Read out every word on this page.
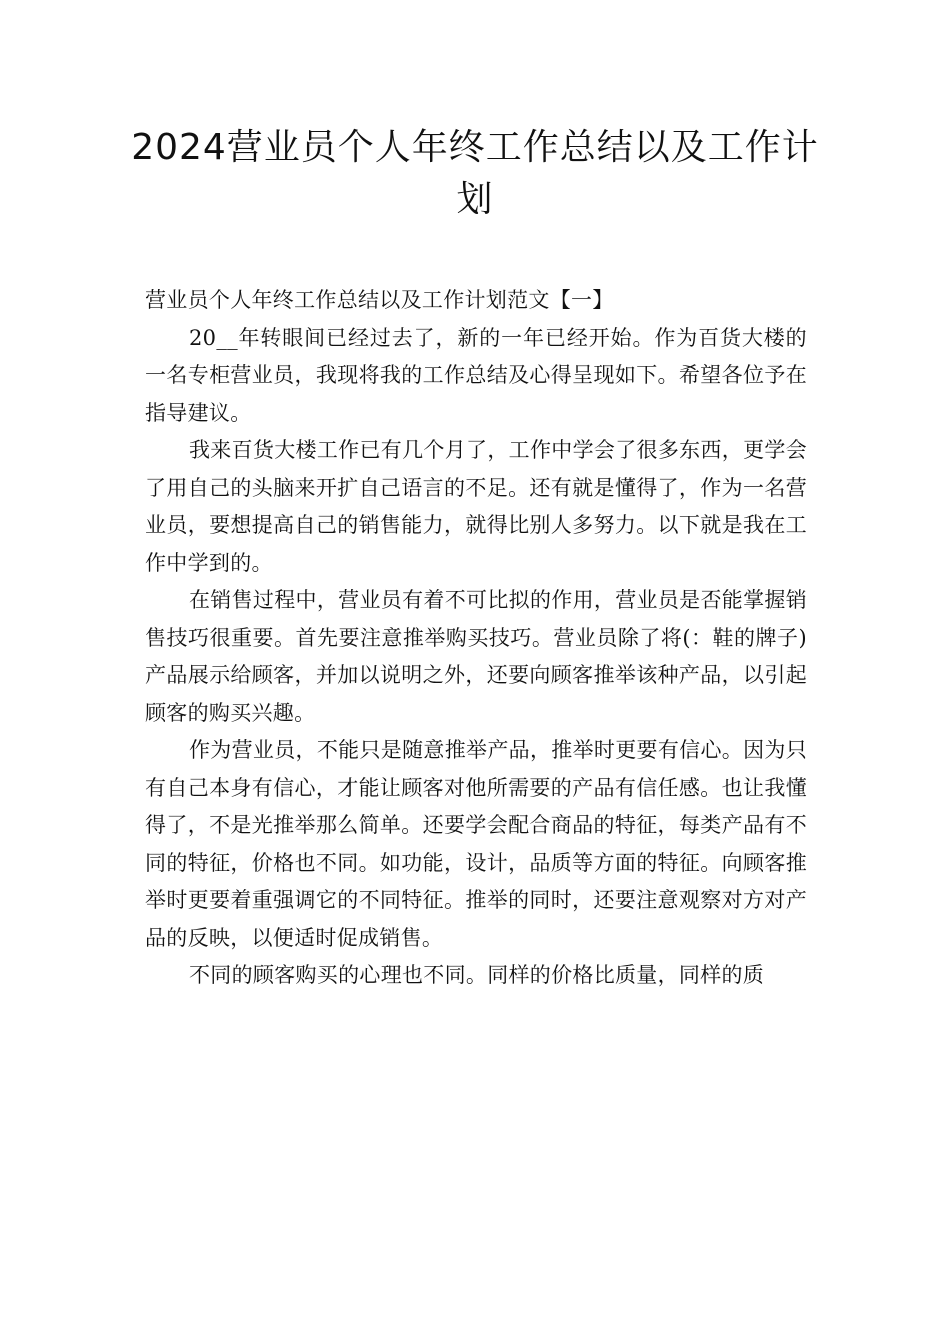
2024营业员个人年终工作总结以及工作计划

营业员个人年终工作总结以及工作计划范文【一】

20__年转眼间已经过去了，新的一年已经开始。作为百货大楼的一名专柜营业员，我现将我的工作总结及心得呈现如下。希望各位予在指导建议。

我来百货大楼工作已有几个月了，工作中学会了很多东西，更学会了用自己的头脑来开扩自己语言的不足。还有就是懂得了，作为一名营业员，要想提高自己的销售能力，就得比别人多努力。以下就是我在工作中学到的。

在销售过程中，营业员有着不可比拟的作用，营业员是否能掌握销售技巧很重要。首先要注意推举购买技巧。营业员除了将(：鞋的牌子)产品展示给顾客，并加以说明之外，还要向顾客推举该种产品，以引起顾客的购买兴趣。

作为营业员，不能只是随意推举产品，推举时更要有信心。因为只有自己本身有信心，才能让顾客对他所需要的产品有信任感。也让我懂得了，不是光推举那么简单。还要学会配合商品的特征，每类产品有不同的特征，价格也不同。如功能，设计，品质等方面的特征。向顾客推举时更要着重强调它的不同特征。推举的同时，还要注意观察对方对产品的反映，以便适时促成销售。

不同的顾客购买的心理也不同。同样的价格比质量，同样的质
